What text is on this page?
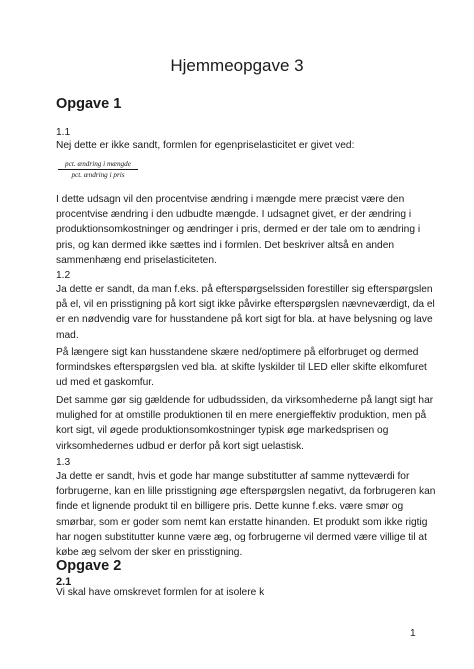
Hjemmeopgave 3
Opgave 1
1.1
Nej dette er ikke sandt, formlen for egenpriselasticitet er givet ved:
pct. ændring i mængde
pct. ændring i pris
I dette udsagn vil den procentvise ændring i mængde mere præcist være den
procentvise ændring i den udbudte mængde. I udsagnet givet, er der ændring i
produktionsomkostninger og ændringer i pris, dermed er der tale om to ændring i
pris, og kan dermed ikke sættes ind i formlen. Det beskriver altså en anden
sammenhæng end priselasticiteten.
1.2
Ja dette er sandt, da man f.eks. på efterspørgselssiden forestiller sig efterspørgslen
på el, vil en prisstigning på kort sigt ikke påvirke efterspørgslen nævneværdigt, da el
er en nødvendig vare for husstandene på kort sigt for bla. at have belysning og lave
mad.
På længere sigt kan husstandene skære ned/optimere på elforbruget og dermed
formindskes efterspørgslen ved bla. at skifte lyskilder til LED eller skifte elkomfuret
ud med et gaskomfur.
Det samme gør sig gældende for udbudssiden, da virksomhederne på langt sigt har
mulighed for at omstille produktionen til en mere energieffektiv produktion, men på
kort sigt, vil øgede produktionsomkostninger typisk øge markedsprisen og
virksomhedernes udbud er derfor på kort sigt uelastisk.
1.3
Ja dette er sandt, hvis et gode har mange substitutter af samme nytteværdi for
forbrugerne, kan en lille prisstigning øge efterspørgslen negativt, da forbrugeren kan
finde et lignende produkt til en billigere pris. Dette kunne f.eks. være smør og
smørbar, som er goder som nemt kan erstatte hinanden. Et produkt som ikke rigtig
har nogen substitutter kunne være æg, og forbrugerne vil dermed være villige til at
købe æg selvom der sker en prisstigning.
Opgave 2
2.1
Vi skal have omskrevet formlen for at isolere k
1
